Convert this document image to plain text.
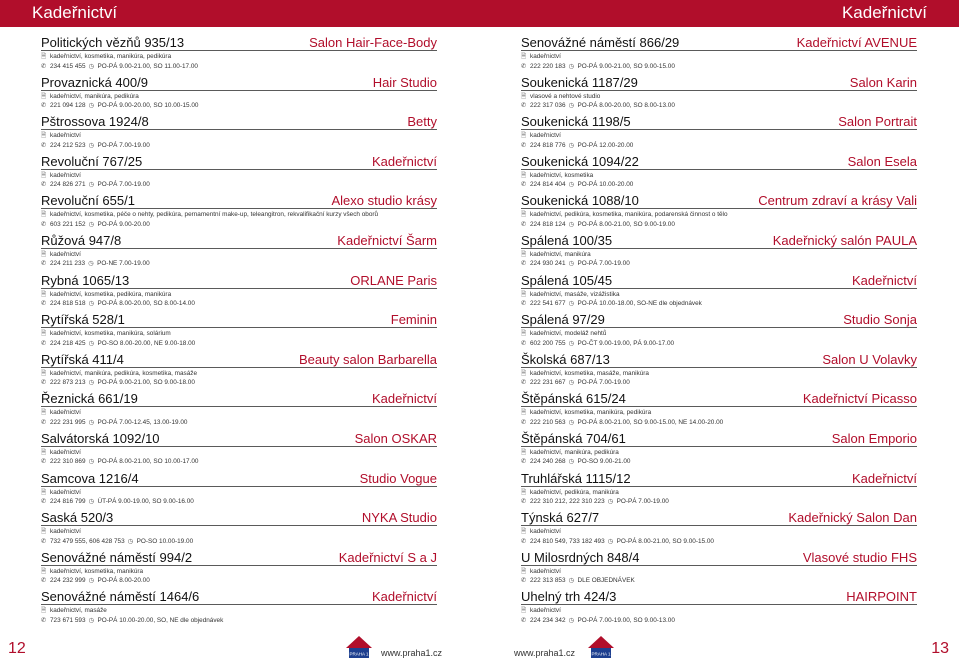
Kadeřnictví	Kadeřnictví
Politických vězňů 935/13	Salon Hair-Face-Body
🗎 kadeřnictví, kosmetika, manikúra, pedikúra
✆ 234 415 455 ◷ PO-PÁ 9.00-21.00, SO 11.00-17.00
Provaznická 400/9	Hair Studio
🗎 kadeřnictví, manikúra, pedikúra
✆ 221 094 128 ◷ PO-PÁ 9.00-20.00, SO 10.00-15.00
Pštrossova 1924/8	Betty
🗎 kadeřnictví
✆ 224 212 523 ◷ PO-PÁ 7.00-19.00
Revoluční 767/25	Kadeřnictví
🗎 kadeřnictví
✆ 224 826 271 ◷ PO-PÁ 7.00-19.00
Revoluční 655/1	Alexo studio krásy
🗎 kadeřnictví, kosmetika, péče o nehty, pedikúra, pernamentní make-up, teleangitron, rekvalifikační kurzy všech oborů
✆ 603 221 152 ◷ PO-PÁ 9.00-20.00
Růžová 947/8	Kadeřnictví Šarm
🗎 kadeřnictví
✆ 224 211 233 ◷ PO-NE 7.00-19.00
Rybná 1065/13	ORLANE Paris
🗎 kadeřnictví, kosmetika, pedikúra, manikúra
✆ 224 818 518 ◷ PO-PÁ 8.00-20.00, SO 8.00-14.00
Rytířská 528/1	Feminin
🗎 kadeřnictví, kosmetika, manikúra, solárium
✆ 224 218 425 ◷ PO-SO 8.00-20.00, NE 9.00-18.00
Rytířská 411/4	Beauty salon Barbarella
🗎 kadeřnictví, manikúra, pedikúra, kosmetika, masáže
✆ 222 873 213 ◷ PO-PÁ 9.00-21.00, SO 9.00-18.00
Řeznická 661/19	Kadeřnictví
🗎 kadeřnictví
✆ 222 231 995 ◷ PO-PÁ 7.00-12.45, 13.00-19.00
Salvátorská 1092/10	Salon OSKAR
🗎 kadeřnictví
✆ 222 310 869 ◷ PO-PÁ 8.00-21.00, SO 10.00-17.00
Samcova 1216/4	Studio Vogue
🗎 kadeřnictví
✆ 224 816 799 ◷ ÚT-PÁ 9.00-19.00, SO 9.00-16.00
Saská 520/3	NYKA Studio
🗎 kadeřnictví
✆ 732 479 555, 606 428 753 ◷ PO-SO 10.00-19.00
Senovážné náměstí 994/2	Kadeřnictví S a J
🗎 kadeřnictví, kosmetika, manikúra
✆ 224 232 999 ◷ PO-PÁ 8.00-20.00
Senovážné náměstí 1464/6	Kadeřnictví
🗎 kadeřnictví, masáže
✆ 723 671 593 ◷ PO-PÁ 10.00-20.00, SO, NE dle objednávek
Senovážné náměstí 866/29	Kadeřnictví AVENUE
🗎 kadeřnictví
✆ 222 220 183 ◷ PO-PÁ 9.00-21.00, SO 9.00-15.00
Soukenická 1187/29	Salon Karin
🗎 vlasové a nehtové studio
✆ 222 317 036 ◷ PO-PÁ 8.00-20.00, SO 8.00-13.00
Soukenická 1198/5	Salon Portrait
🗎 kadeřnictví
✆ 224 818 776 ◷ PO-PÁ 12.00-20.00
Soukenická 1094/22	Salon Esela
🗎 kadeřnictví, kosmetika
✆ 224 814 404 ◷ PO-PÁ 10.00-20.00
Soukenická 1088/10	Centrum zdraví a krásy Vali
🗎 kadeřnictví, pedikúra, kosmetika, manikúra, podarenská činnost o tělo
✆ 224 818 124 ◷ PO-PÁ 8.00-21.00, SO 9.00-19.00
Spálená 100/35	Kadeřnický salón PAULA
🗎 kadeřnictví, manikúra
✆ 224 930 241 ◷ PO-PÁ 7.00-19.00
Spálená 105/45	Kadeřnictví
🗎 kadeřnictví, masáže, vizážistika
✆ 222 541 677 ◷ PO-PÁ 10.00-18.00, SO-NE dle objednávek
Spálená 97/29	Studio Sonja
🗎 kadeřnictví, modeláž nehtů
✆ 602 200 755 ◷ PO-ČT 9.00-19.00, PÁ 9.00-17.00
Školská 687/13	Salon U Volavky
🗎 kadeřnictví, kosmetika, masáže, manikúra
✆ 222 231 667 ◷ PO-PÁ 7.00-19.00
Štěpánská 615/24	Kadeřnictví Picasso
🗎 kadeřnictví, kosmetika, manikúra, pedikúra
✆ 222 210 563 ◷ PO-PÁ 8.00-21.00, SO 9.00-15.00, NE 14.00-20.00
Štěpánská 704/61	Salon Emporio
🗎 kadeřnictví, manikúra, pedikúra
✆ 224 240 268 ◷ PO-SO 9.00-21.00
Truhlářská 1115/12	Kadeřnictví
🗎 kadeřnictví, pedikúra, manikúra
✆ 222 310 212, 222 310 223 ◷ PO-PÁ 7.00-19.00
Týnská 627/7	Kadeřnický Salon Dan
🗎 kadeřnictví
✆ 224 810 549, 733 182 493 ◷ PO-PÁ 8.00-21.00, SO 9.00-15.00
U Milosrdných 848/4	Vlasové studio FHS
🗎 kadeřnictví
✆ 222 313 853 ◷ DLE OBJEDNÁVEK
Uhelný trh 424/3	HAIRPOINT
🗎 kadeřnictví
✆ 224 234 342 ◷ PO-PÁ 7.00-19.00, SO 9.00-13.00
12	13
PRAHA 1 www.praha1.cz	www.praha1.cz	PRAHA 1
